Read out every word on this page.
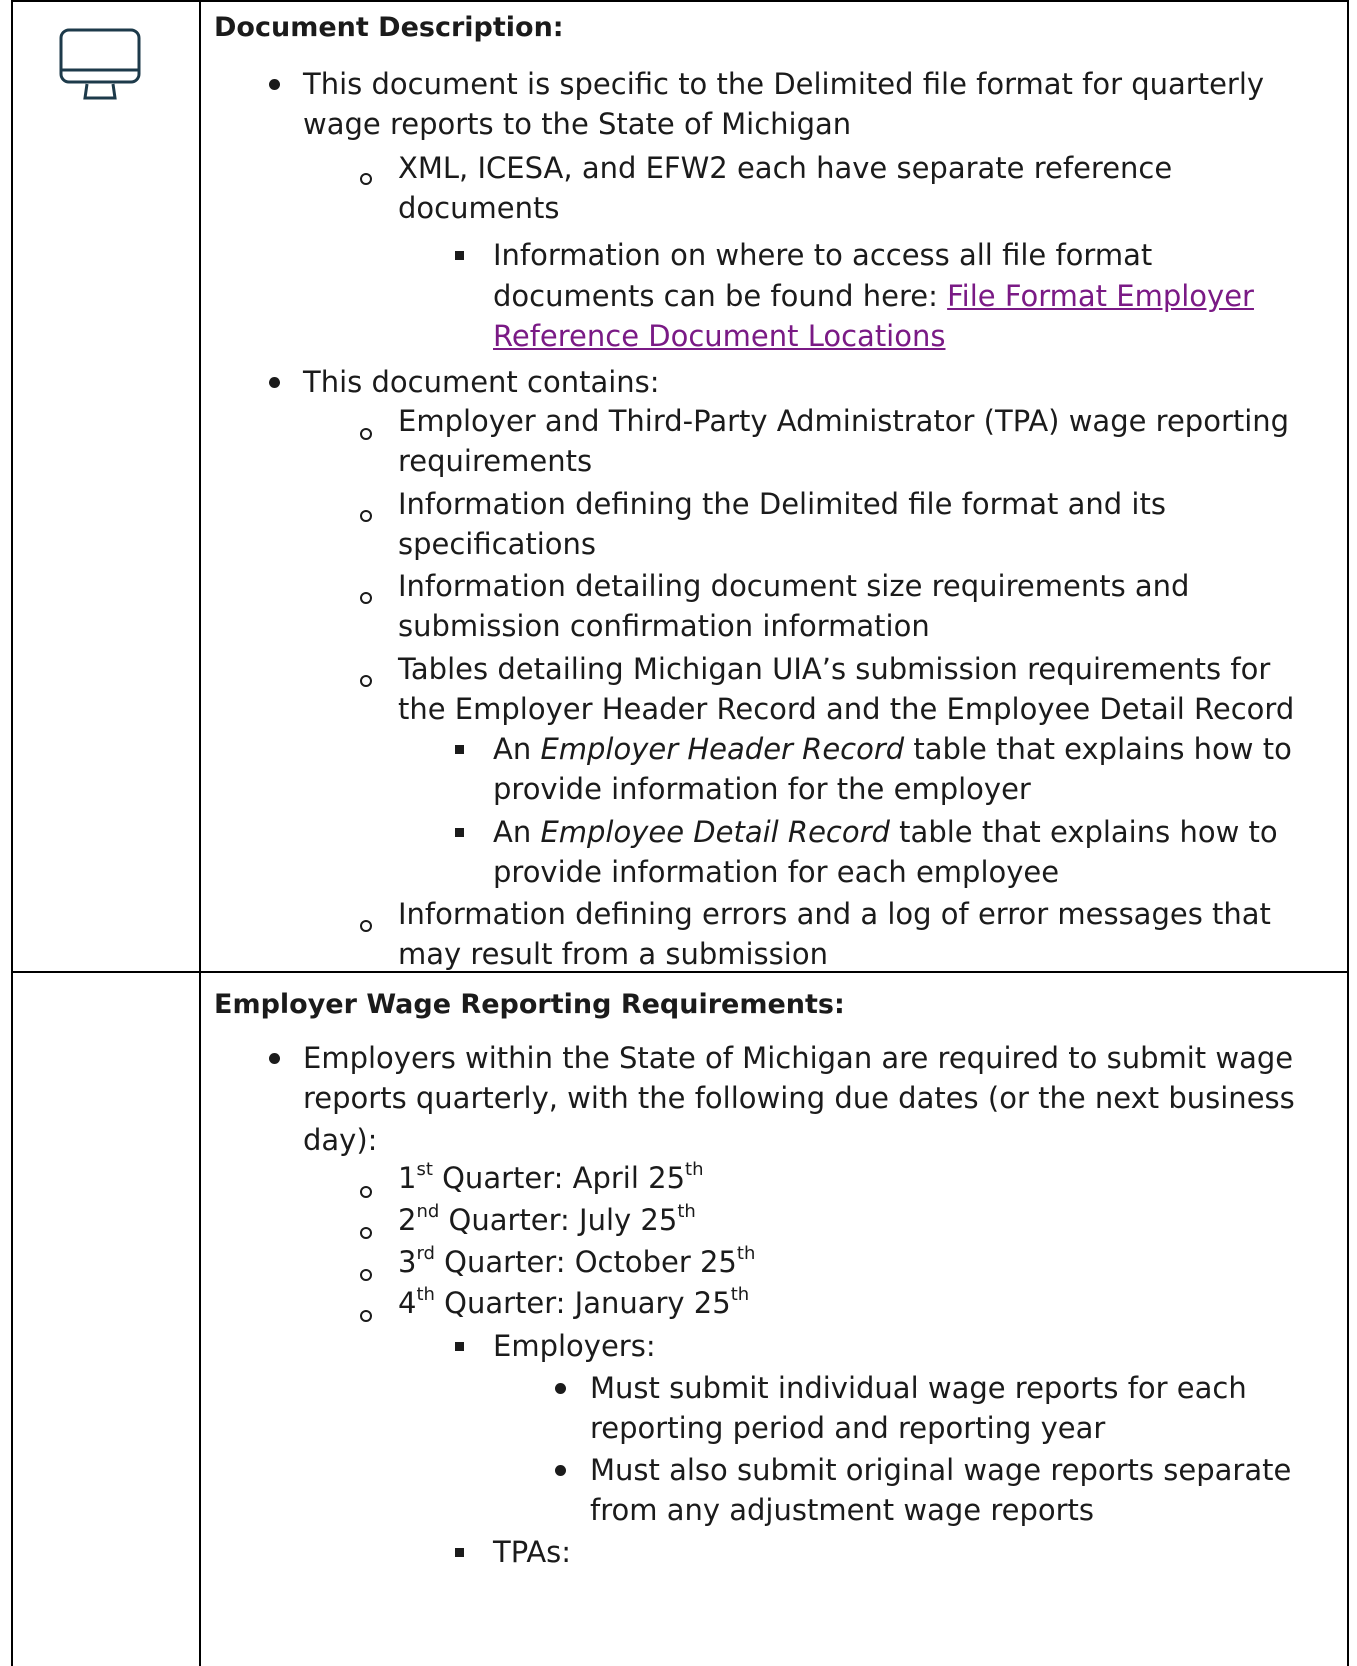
Document Description:

This document is specific to the Delimited file format for quarterly
wage reports to the State of Michigan
XML, ICESA, and EFW2 each have separate reference
documents
Information on where to access all file format
documents can be found here: File Format Employer
Reference Document Locations
This document contains:
Employer and Third-Party Administrator (TPA) wage reporting
requirements
Information defining the Delimited file format and its
specifications
Information detailing document size requirements and
submission confirmation information
Tables detailing Michigan UIA’s submission requirements for
the Employer Header Record and the Employee Detail Record
An Employer Header Record table that explains how to
provide information for the employer
An Employee Detail Record table that explains how to
provide information for each employee
Information defining errors and a log of error messages that
may result from a submission

Employer Wage Reporting Requirements:

Employers within the State of Michigan are required to submit wage
reports quarterly, with the following due dates (or the next business
day):
1st Quarter: April 25th
2nd Quarter: July 25th
3rd Quarter: October 25th
4th Quarter: January 25th
Employers:
Must submit individual wage reports for each
reporting period and reporting year
Must also submit original wage reports separate
from any adjustment wage reports
TPAs:
